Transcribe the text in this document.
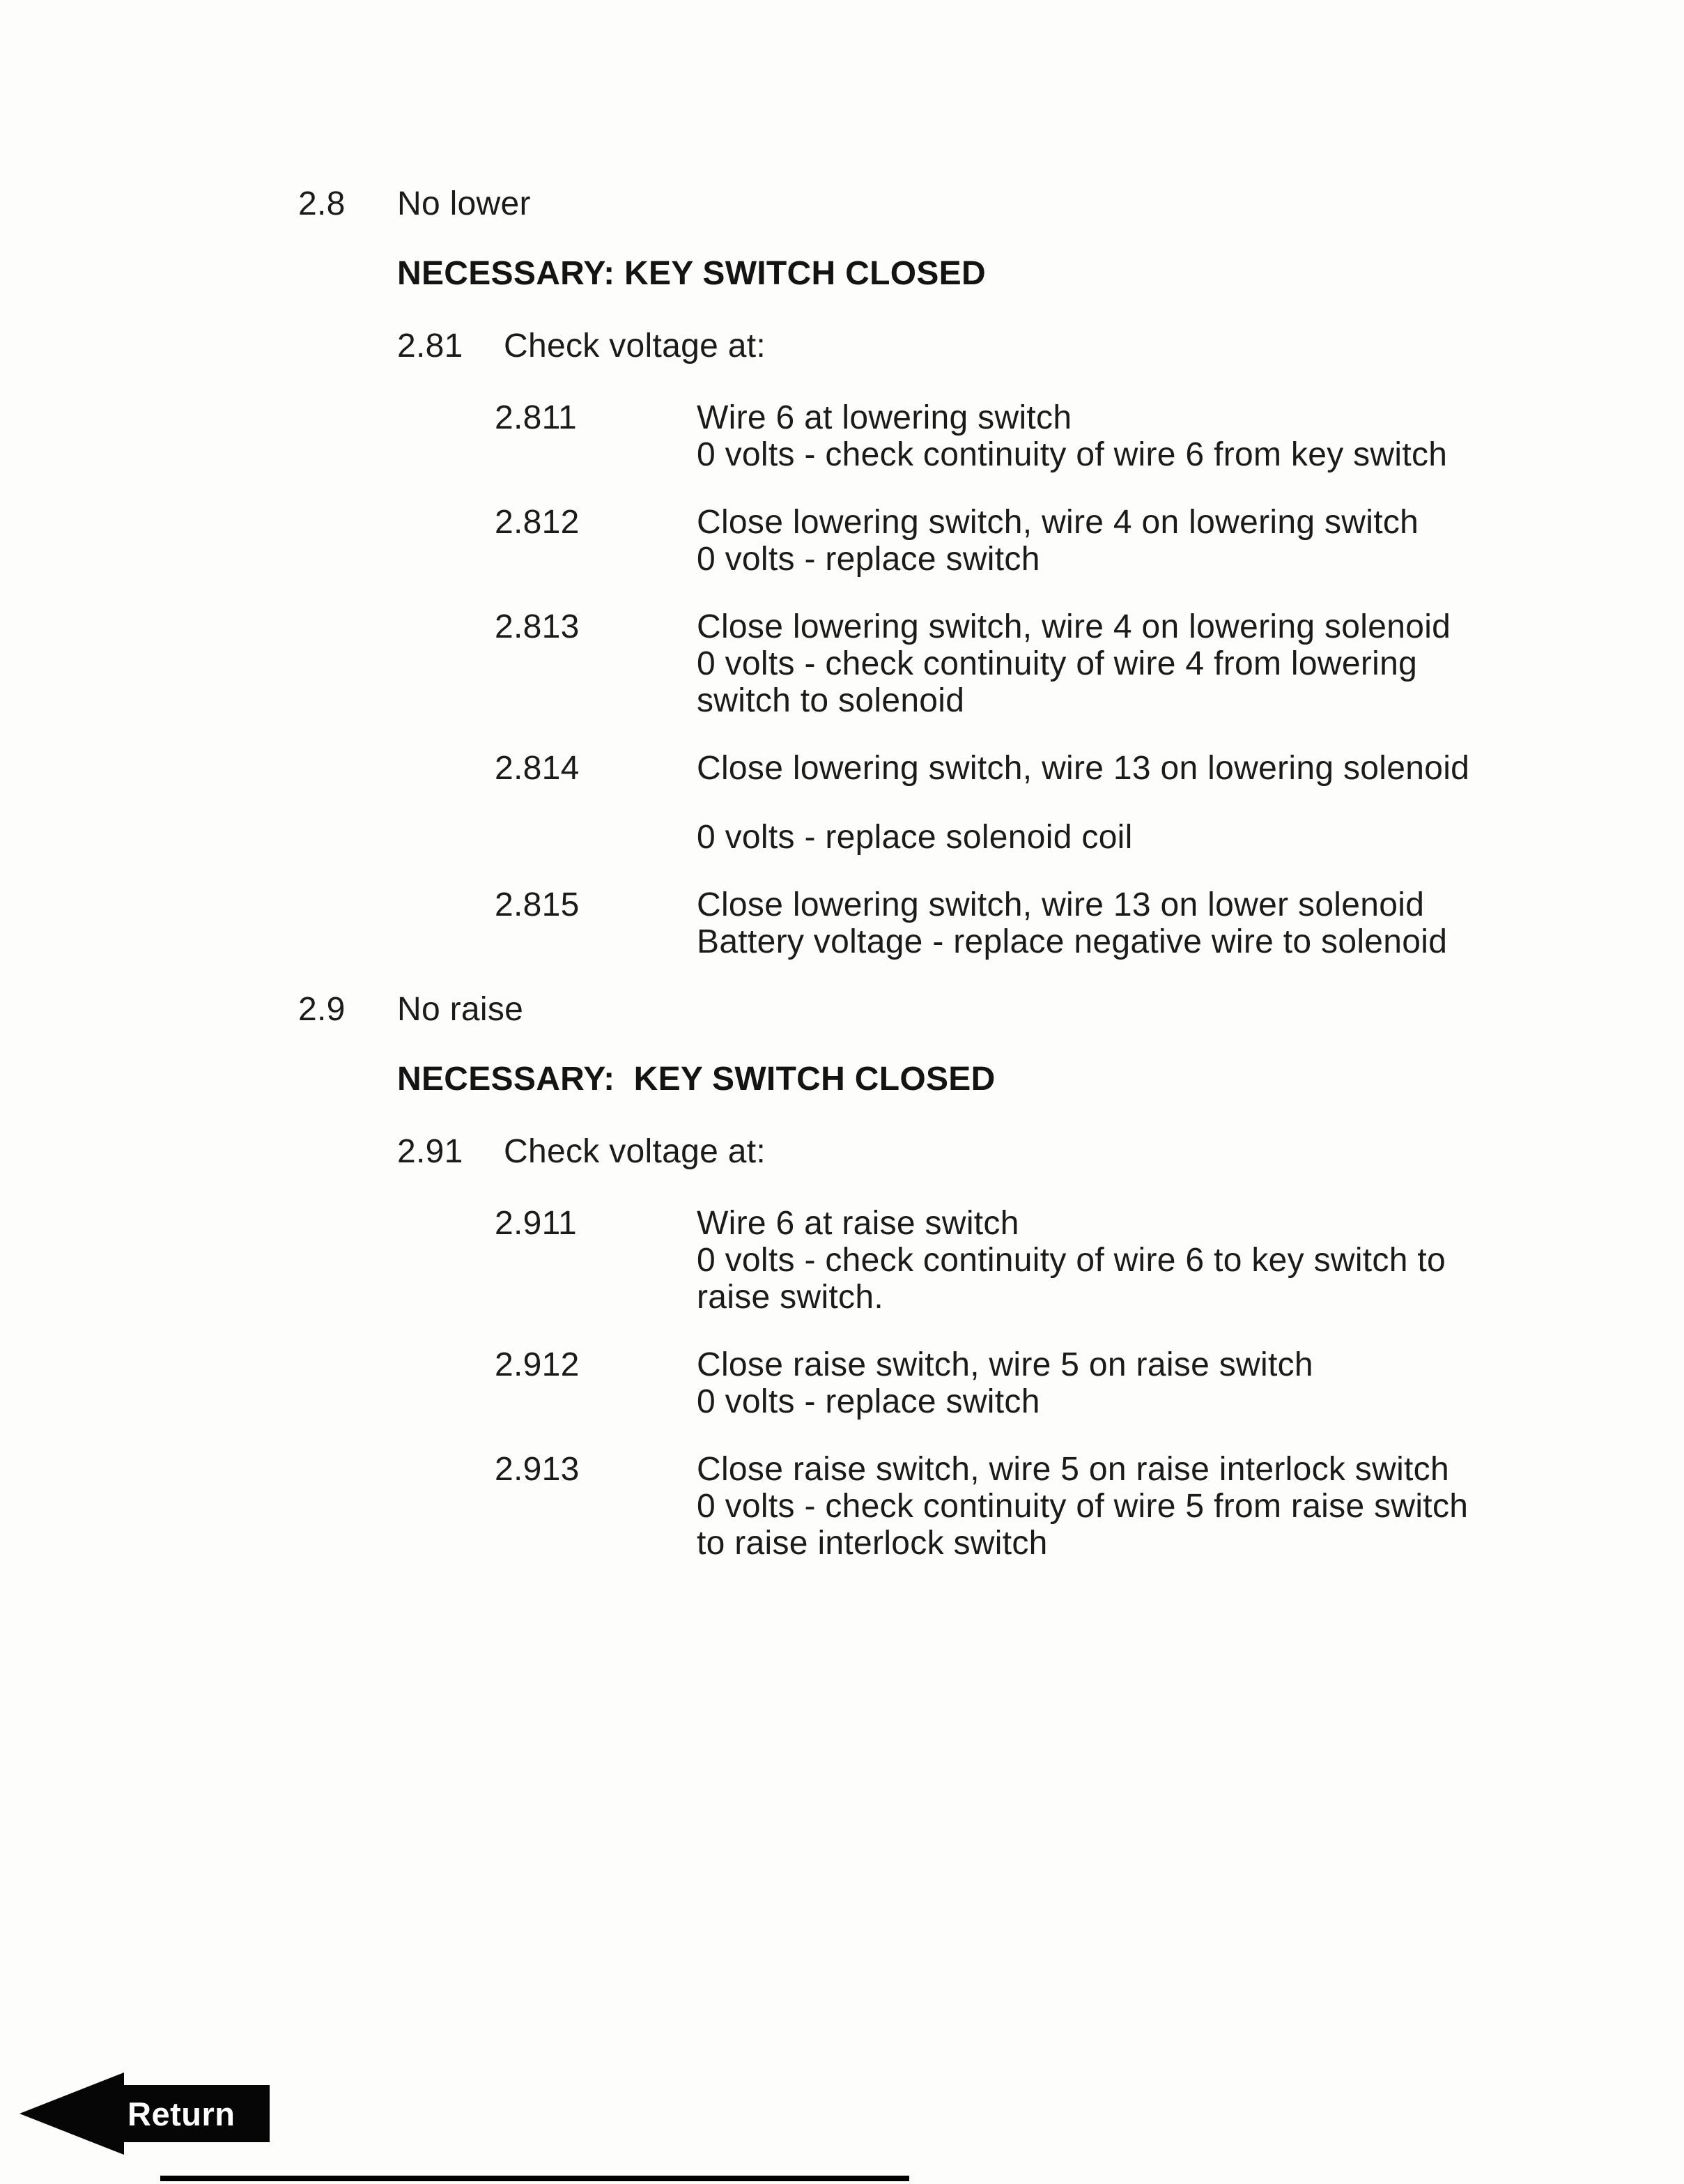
2.8	No lower
NECESSARY: KEY SWITCH CLOSED
2.81	Check voltage at:
2.811	Wire 6 at lowering switch
0 volts - check continuity of wire 6 from key switch
2.812	Close lowering switch, wire 4 on lowering switch
0 volts - replace switch
2.813	Close lowering switch, wire 4 on lowering solenoid
0 volts - check continuity of wire 4 from lowering switch to solenoid
2.814	Close lowering switch, wire 13 on lowering solenoid
0 volts - replace solenoid coil
2.815	Close lowering switch, wire 13 on lower solenoid
Battery voltage - replace negative wire to solenoid
2.9	No raise
NECESSARY:  KEY SWITCH CLOSED
2.91	Check voltage at:
2.911	Wire 6 at raise switch
0 volts - check continuity of wire 6 to key switch to raise switch.
2.912	Close raise switch, wire 5 on raise switch
0 volts - replace switch
2.913	Close raise switch, wire 5 on raise interlock switch
0 volts - check continuity of wire 5 from raise switch to raise interlock switch
Return
